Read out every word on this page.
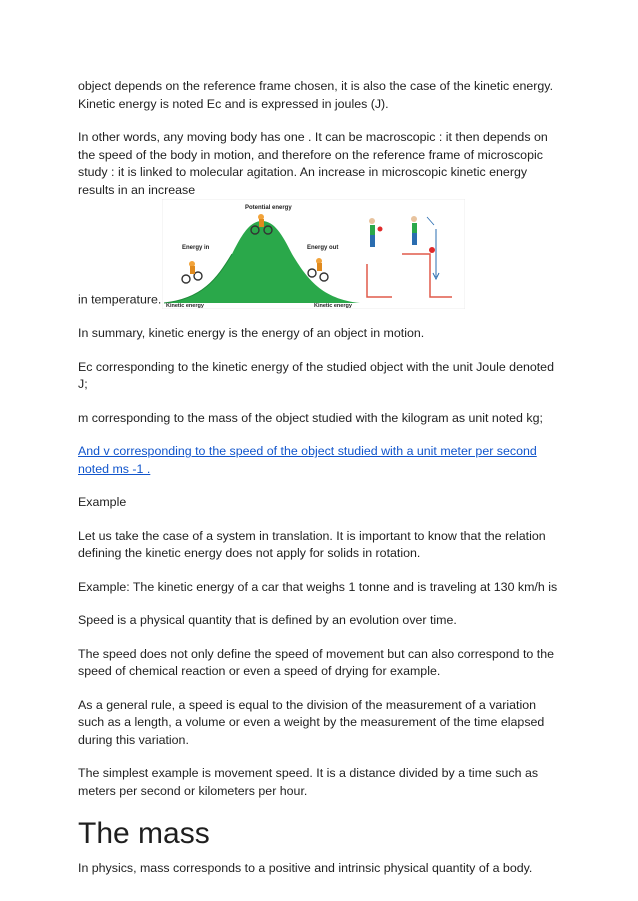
object depends on the reference frame chosen, it is also the case of the kinetic energy. Kinetic energy is noted Ec and is expressed in joules (J).

In other words, any moving body has one . It can be macroscopic : it then depends on the speed of the body in motion, and therefore on the reference frame of microscopic study : it is linked to molecular agitation. An increase in microscopic kinetic energy results in an increase
in temperature.
Potential energy
Energy in	Energy out
Kinetic energy	Kinetic energy

In summary, kinetic energy is the energy of an object in motion.

Ec corresponding to the kinetic energy of the studied object with the unit Joule denoted J;

m corresponding to the mass of the object studied with the kilogram as unit noted kg;

And v corresponding to the speed of the object studied with a unit meter per second noted ms -1 .

Example

Let us take the case of a system in translation. It is important to know that the relation defining the kinetic energy does not apply for solids in rotation.

Example: The kinetic energy of a car that weighs 1 tonne and is traveling at 130 km/h is

Speed is a physical quantity that is defined by an evolution over time.

The speed does not only define the speed of movement but can also correspond to the speed of chemical reaction or even a speed of drying for example.

As a general rule, a speed is equal to the division of the measurement of a variation such as a length, a volume or even a weight by the measurement of the time elapsed during this variation.

The simplest example is movement speed. It is a distance divided by a time such as meters per second or kilometers per hour.

The mass

In physics, mass corresponds to a positive and intrinsic physical quantity of a body.
